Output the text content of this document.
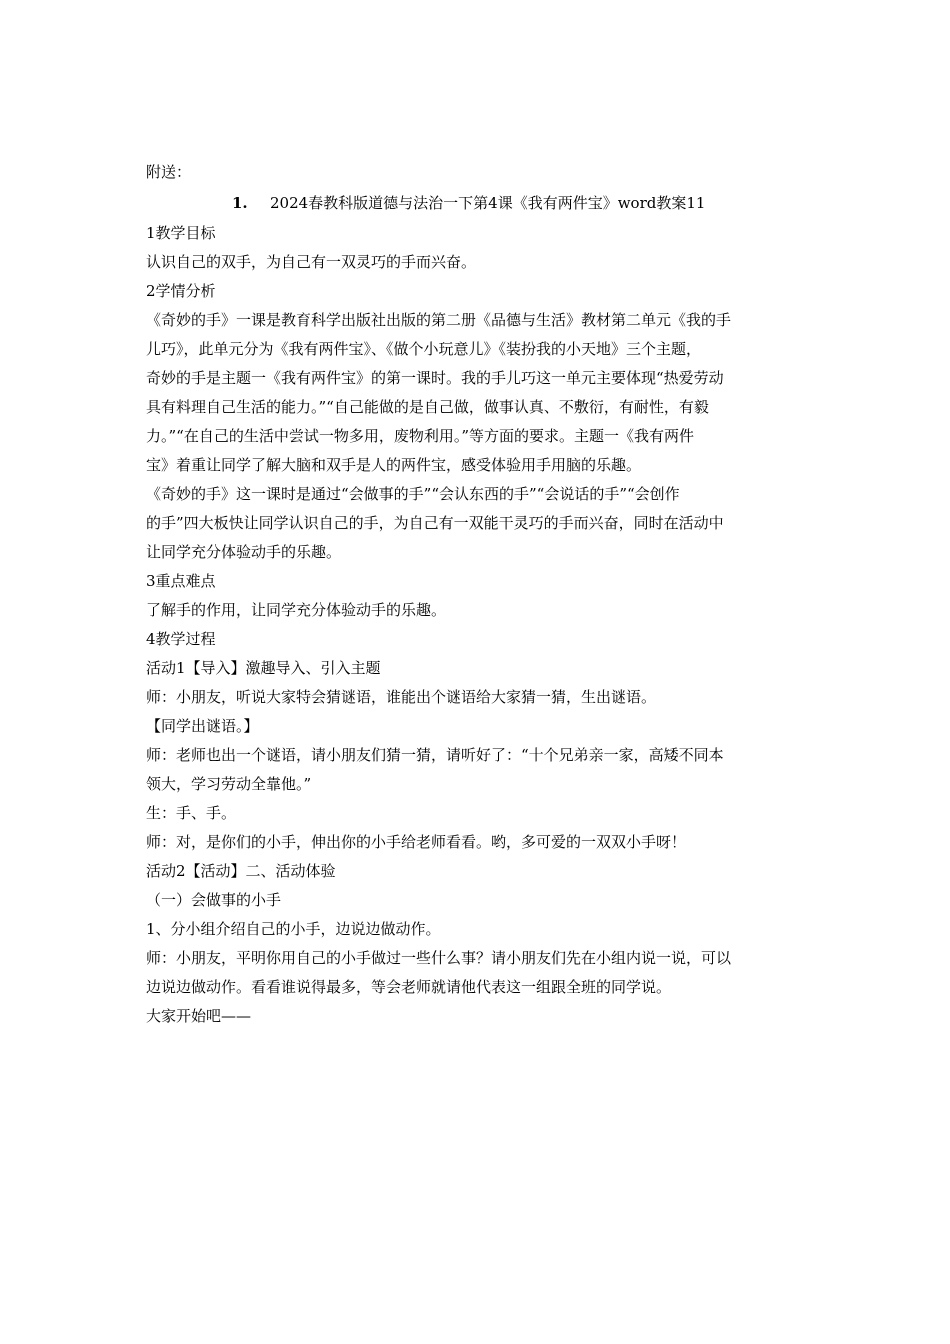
附送：
1. 2024春教科版道德与法治一下第4课《我有两件宝》word教案11
1教学目标
认识自己的双手，为自己有一双灵巧的手而兴奋。
2学情分析
《奇妙的手》一课是教育科学出版社出版的第二册《品德与生活》教材第二单元《我的手
儿巧》，此单元分为《我有两件宝》、《做个小玩意儿》《装扮我的小天地》三个主题，
奇妙的手是主题一《我有两件宝》的第一课时。我的手儿巧这一单元主要体现“热爱劳动
具有料理自己生活的能力。”“自己能做的是自己做，做事认真、不敷衍，有耐性，有毅
力。”“在自己的生活中尝试一物多用，废物利用。”等方面的要求。主题一《我有两件
宝》着重让同学了解大脑和双手是人的两件宝，感受体验用手用脑的乐趣。
《奇妙的手》这一课时是通过“会做事的手”“会认东西的手”“会说话的手”“会创作
的手”四大板快让同学认识自己的手，为自己有一双能干灵巧的手而兴奋，同时在活动中
让同学充分体验动手的乐趣。
3重点难点
了解手的作用，让同学充分体验动手的乐趣。
4教学过程
活动1【导入】激趣导入、引入主题
师：小朋友，听说大家特会猜谜语，谁能出个谜语给大家猜一猜，生出谜语。
【同学出谜语。】
师：老师也出一个谜语，请小朋友们猜一猜，请听好了：“十个兄弟亲一家，高矮不同本
领大，学习劳动全靠他。”
生：手、手。
师：对，是你们的小手，伸出你的小手给老师看看。哟，多可爱的一双双小手呀！
活动2【活动】二、活动体验
（一）会做事的小手
1、分小组介绍自己的小手，边说边做动作。
师：小朋友，平明你用自己的小手做过一些什么事？请小朋友们先在小组内说一说，可以
边说边做动作。看看谁说得最多，等会老师就请他代表这一组跟全班的同学说。
大家开始吧——
